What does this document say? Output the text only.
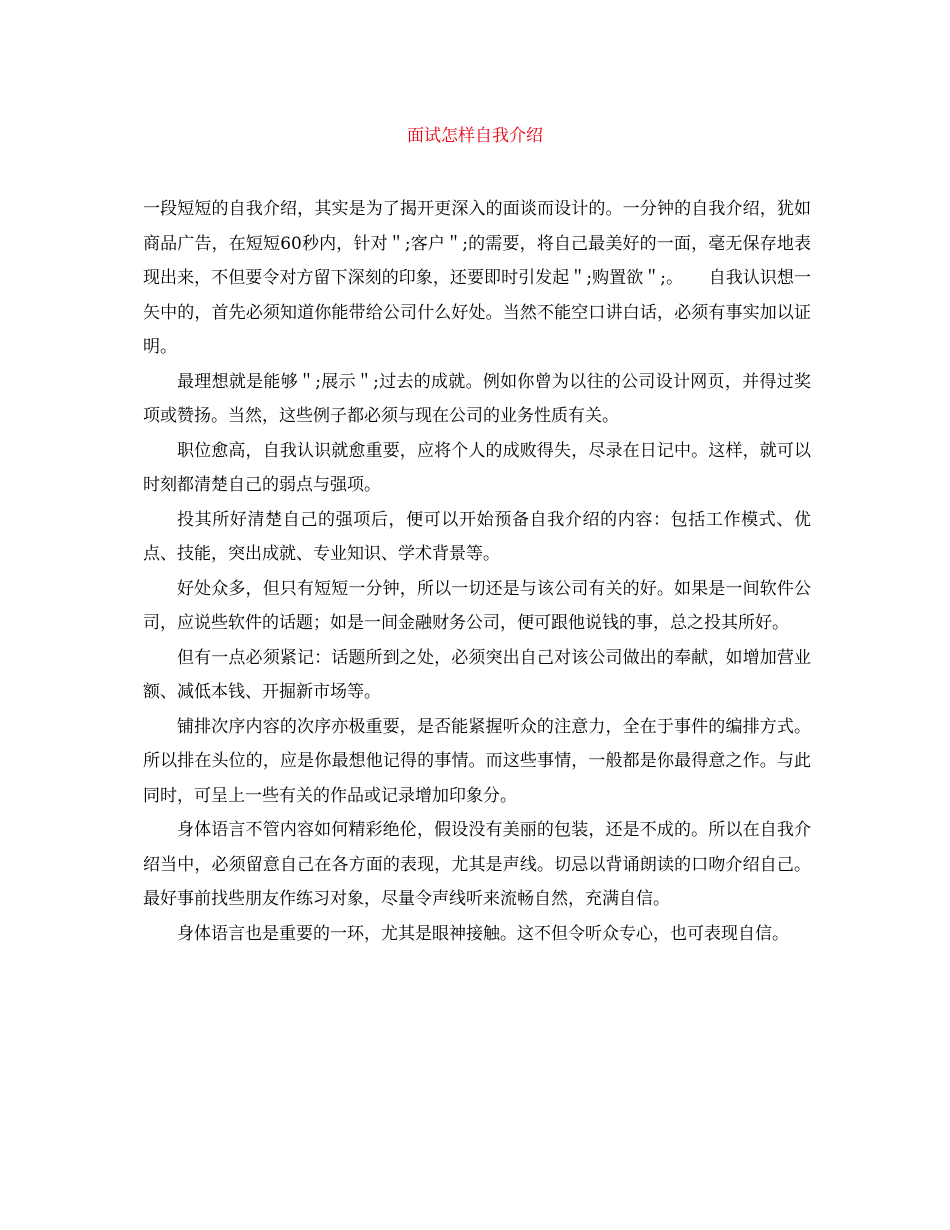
面试怎样自我介绍

一段短短的自我介绍，其实是为了揭开更深入的面谈而设计的。一分钟的自我介绍，犹如商品广告，在短短60秒内，针对＂;客户＂;的需要，将自己最美好的一面，毫无保存地表现出来，不但要令对方留下深刻的印象，还要即时引发起＂;购置欲＂;。　　自我认识想一矢中的，首先必须知道你能带给公司什么好处。当然不能空口讲白话，必须有事实加以证明。

最理想就是能够＂;展示＂;过去的成就。例如你曾为以往的公司设计网页，并得过奖项或赞扬。当然，这些例子都必须与现在公司的业务性质有关。

职位愈高，自我认识就愈重要，应将个人的成败得失，尽录在日记中。这样，就可以时刻都清楚自己的弱点与强项。

投其所好清楚自己的强项后，便可以开始预备自我介绍的内容：包括工作模式、优点、技能，突出成就、专业知识、学术背景等。

好处众多，但只有短短一分钟，所以一切还是与该公司有关的好。如果是一间软件公司，应说些软件的话题；如是一间金融财务公司，便可跟他说钱的事，总之投其所好。

但有一点必须紧记：话题所到之处，必须突出自己对该公司做出的奉献，如增加营业额、减低本钱、开掘新市场等。

铺排次序内容的次序亦极重要，是否能紧握听众的注意力，全在于事件的编排方式。所以排在头位的，应是你最想他记得的事情。而这些事情，一般都是你最得意之作。与此同时，可呈上一些有关的作品或记录增加印象分。

身体语言不管内容如何精彩绝伦，假设没有美丽的包装，还是不成的。所以在自我介绍当中，必须留意自己在各方面的表现，尤其是声线。切忌以背诵朗读的口吻介绍自己。最好事前找些朋友作练习对象，尽量令声线听来流畅自然，充满自信。

身体语言也是重要的一环，尤其是眼神接触。这不但令听众专心，也可表现自信。
